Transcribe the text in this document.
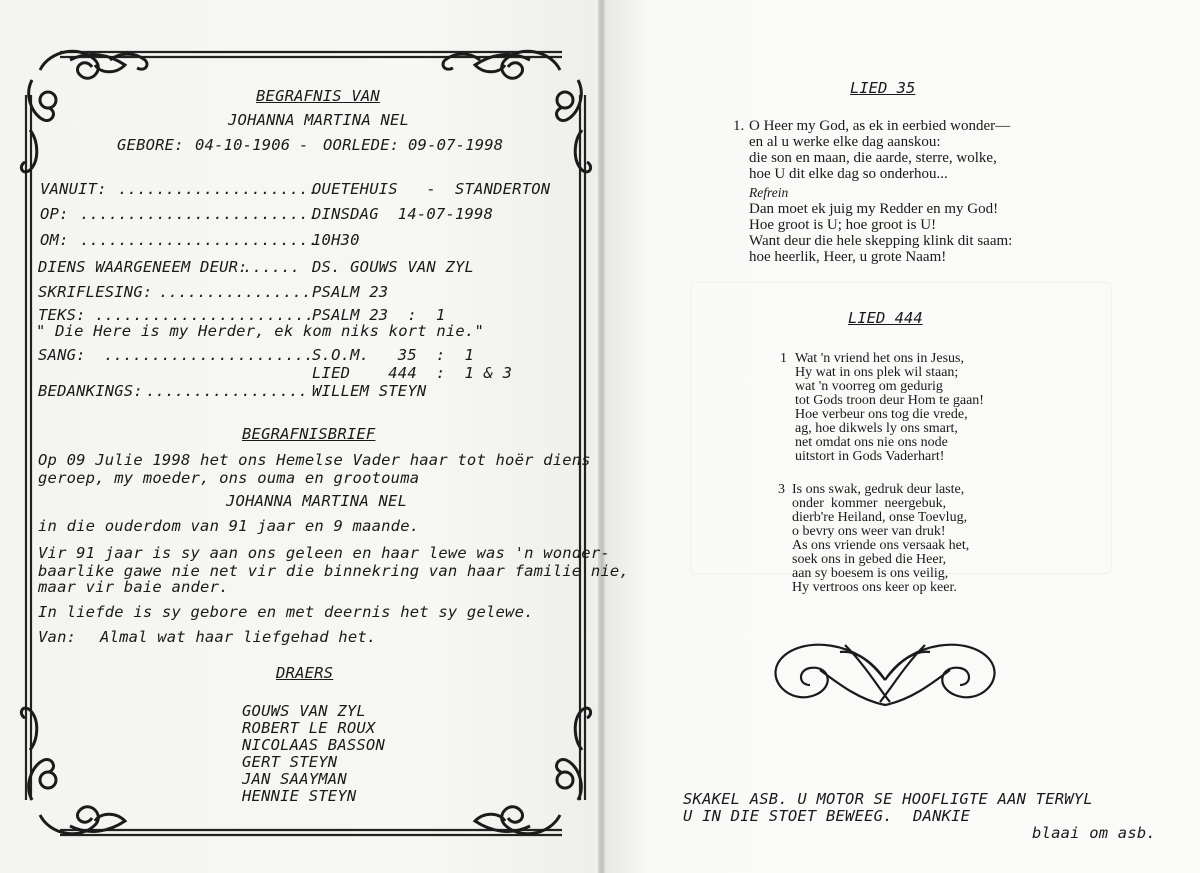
BEGRAFNIS VAN
JOHANNA MARTINA NEL
GEBORE: 04-10-1906 - OORLEDE: 09-07-1998
VANUIT: .....................
OUETEHUIS   -  STANDERTON
OP: .........................
DINSDAG  14-07-1998
OM: .........................
10H30
DIENS WAARGENEEM DEUR:
...... DS. GOUWS VAN ZYL
SKRIFLESING: ................ PSALM 23
TEKS: .......................
PSALM 23  :  1
" Die Here is my Herder, ek kom niks kort nie."
SANG: ......................
S.O.M.   35  :  1
LIED    444  :  1 & 3
BEDANKINGS: ................. WILLEM STEYN
BEGRAFNISBRIEF
Op 09 Julie 1998 het ons Hemelse Vader haar tot hoër diens
geroep, my moeder, ons ouma en grootouma
JOHANNA MARTINA NEL
in die ouderdom van 91 jaar en 9 maande.
Vir 91 jaar is sy aan ons geleen en haar lewe was 'n wonder-
baarlike gawe nie net vir die binnekring van haar familie nie,
maar vir baie ander.
In liefde is sy gebore en met deernis het sy gelewe.
Van: Almal wat haar liefgehad het.
DRAERS
GOUWS VAN ZYL
ROBERT LE ROUX
NICOLAAS BASSON
GERT STEYN
JAN SAAYMAN
HENNIE STEYN
LIED 35
1. O Heer my God, as ek in eerbied wonder—
en al u werke elke dag aanskou:
die son en maan, die aarde, sterre, wolke,
hoe U dit elke dag so onderhou...
Refrein
Dan moet ek juig my Redder en my God!
Hoe groot is U; hoe groot is U!
Want deur die hele skepping klink dit saam:
hoe heerlik, Heer, u grote Naam!
LIED 444
1 Wat 'n vriend het ons in Jesus,
Hy wat in ons plek wil staan;
wat 'n voorreg om gedurig
tot Gods troon deur Hom te gaan!
Hoe verbeur ons tog die vrede,
ag, hoe dikwels ly ons smart,
net omdat ons nie ons node
uitstort in Gods Vaderhart!
3 Is ons swak, gedruk deur laste,
onder  kommer  neergebuk,
dierb're Heiland, onse Toevlug,
o bevry ons weer van druk!
As ons vriende ons versaak het,
soek ons in gebed die Heer,
aan sy boesem is ons veilig,
Hy vertroos ons keer op keer.
SKAKEL ASB. U MOTOR SE HOOFLIGTE AAN TERWYL
U IN DIE STOET BEWEEG. DANKIE
blaai om asb.
